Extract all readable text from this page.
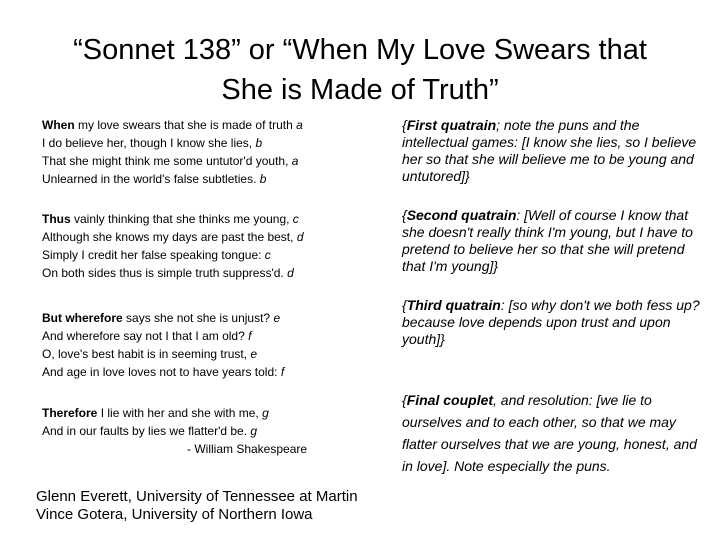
“Sonnet 138” or “When My Love Swears that
She is Made of Truth”
When my love swears that she is made of truth a
I do believe her, though I know she lies, b
That she might think me some untutor'd youth, a
Unlearned in the world's false subtleties. b
Thus vainly thinking that she thinks me young, c
Although she knows my days are past the best, d
Simply I credit her false speaking tongue: c
On both sides thus is simple truth suppress'd. d
But wherefore says she not she is unjust? e
And wherefore say not I that I am old? f
O, love's best habit is in seeming trust, e
And age in love loves not to have years told: f
Therefore I lie with her and she with me, g
And in our faults by lies we flatter'd be. g
- William Shakespeare
{First quatrain; note the puns and the intellectual games: [I know she lies, so I believe her so that she will believe me to be young and untutored]}
{Second quatrain: [Well of course I know that she doesn't really think I'm young, but I have to pretend to believe her so that she will pretend that I'm young]}
{Third quatrain: [so why don't we both fess up? because love depends upon trust and upon youth]}
{Final couplet, and resolution: [we lie to ourselves and to each other, so that we may flatter ourselves that we are young, honest, and in love]. Note especially the puns.
Glenn Everett, University of Tennessee at Martin
Vince Gotera, University of Northern Iowa
